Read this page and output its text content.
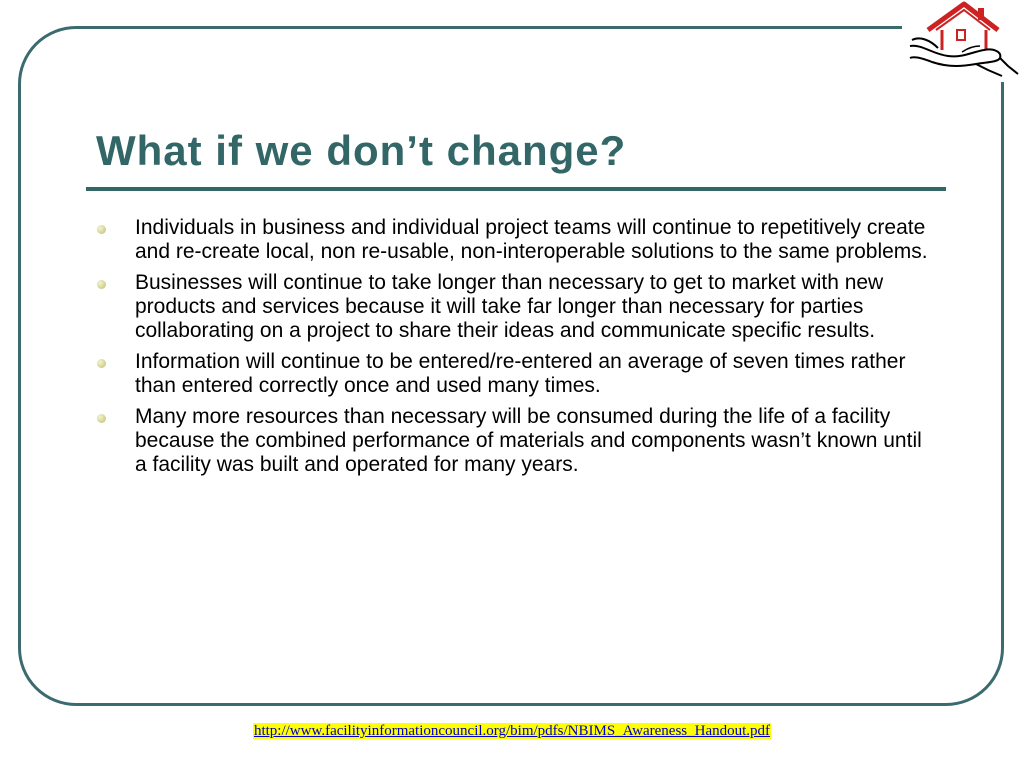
What if we don’t change?
Individuals in business and individual project teams will continue to repetitively create and re-create local, non re-usable, non-interoperable solutions to the same problems.
Businesses will continue to take longer than necessary to get to market with new products and services because it will take far longer than necessary for parties collaborating on a project to share their ideas and communicate specific results.
Information will continue to be entered/re-entered an average of seven times rather than entered correctly once and used many times.
Many more resources than necessary will be consumed during the life of a facility because the combined performance of materials and components wasn’t known until a facility was built and operated for many years.
http://www.facilityinformationcouncil.org/bim/pdfs/NBIMS_Awareness_Handout.pdf
